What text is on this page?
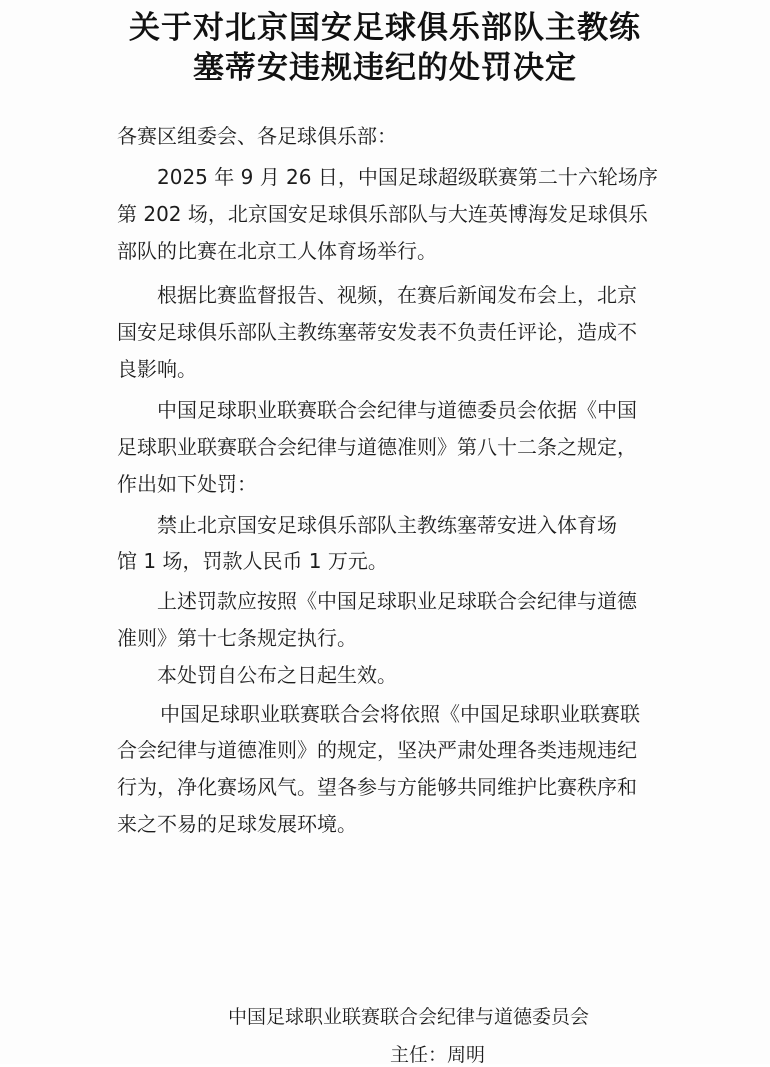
关于对北京国安足球俱乐部队主教练
塞蒂安违规违纪的处罚决定
各赛区组委会、各足球俱乐部：
2025 年 9 月 26 日，中国足球超级联赛第二十六轮场序
第 202 场，北京国安足球俱乐部队与大连英博海发足球俱乐
部队的比赛在北京工人体育场举行。
根据比赛监督报告、视频，在赛后新闻发布会上，北京
国安足球俱乐部队主教练塞蒂安发表不负责任评论，造成不
良影响。
中国足球职业联赛联合会纪律与道德委员会依据《中国
足球职业联赛联合会纪律与道德准则》第八十二条之规定，
作出如下处罚：
禁止北京国安足球俱乐部队主教练塞蒂安进入体育场
馆 1 场，罚款人民币 1 万元。
上述罚款应按照《中国足球职业足球联合会纪律与道德
准则》第十七条规定执行。
本处罚自公布之日起生效。
中国足球职业联赛联合会将依照《中国足球职业联赛联
合会纪律与道德准则》的规定，坚决严肃处理各类违规违纪
行为，净化赛场风气。望各参与方能够共同维护比赛秩序和
来之不易的足球发展环境。
中国足球职业联赛联合会纪律与道德委员会
主任：周明
